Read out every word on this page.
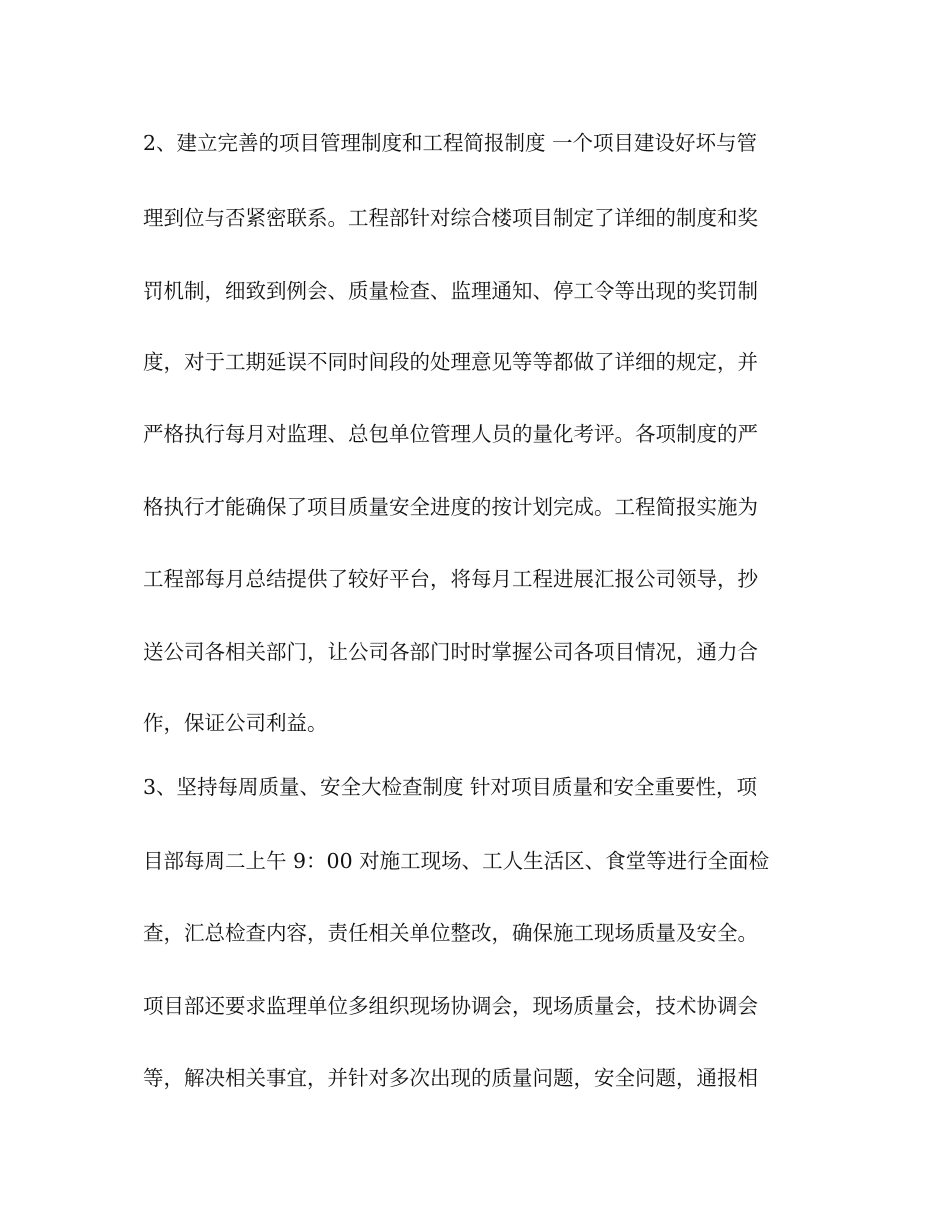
2、建立完善的项目管理制度和工程简报制度 一个项目建设好坏与管
理到位与否紧密联系。工程部针对综合楼项目制定了详细的制度和奖
罚机制，细致到例会、质量检查、监理通知、停工令等出现的奖罚制
度，对于工期延误不同时间段的处理意见等等都做了详细的规定，并
严格执行每月对监理、总包单位管理人员的量化考评。各项制度的严
格执行才能确保了项目质量安全进度的按计划完成。工程简报实施为
工程部每月总结提供了较好平台，将每月工程进展汇报公司领导，抄
送公司各相关部门，让公司各部门时时掌握公司各项目情况，通力合
作，保证公司利益。
3、坚持每周质量、安全大检查制度 针对项目质量和安全重要性，项
目部每周二上午 9：00 对施工现场、工人生活区、食堂等进行全面检
查，汇总检查内容，责任相关单位整改，确保施工现场质量及安全。
项目部还要求监理单位多组织现场协调会，现场质量会，技术协调会
等，解决相关事宜，并针对多次出现的质量问题，安全问题，通报相
